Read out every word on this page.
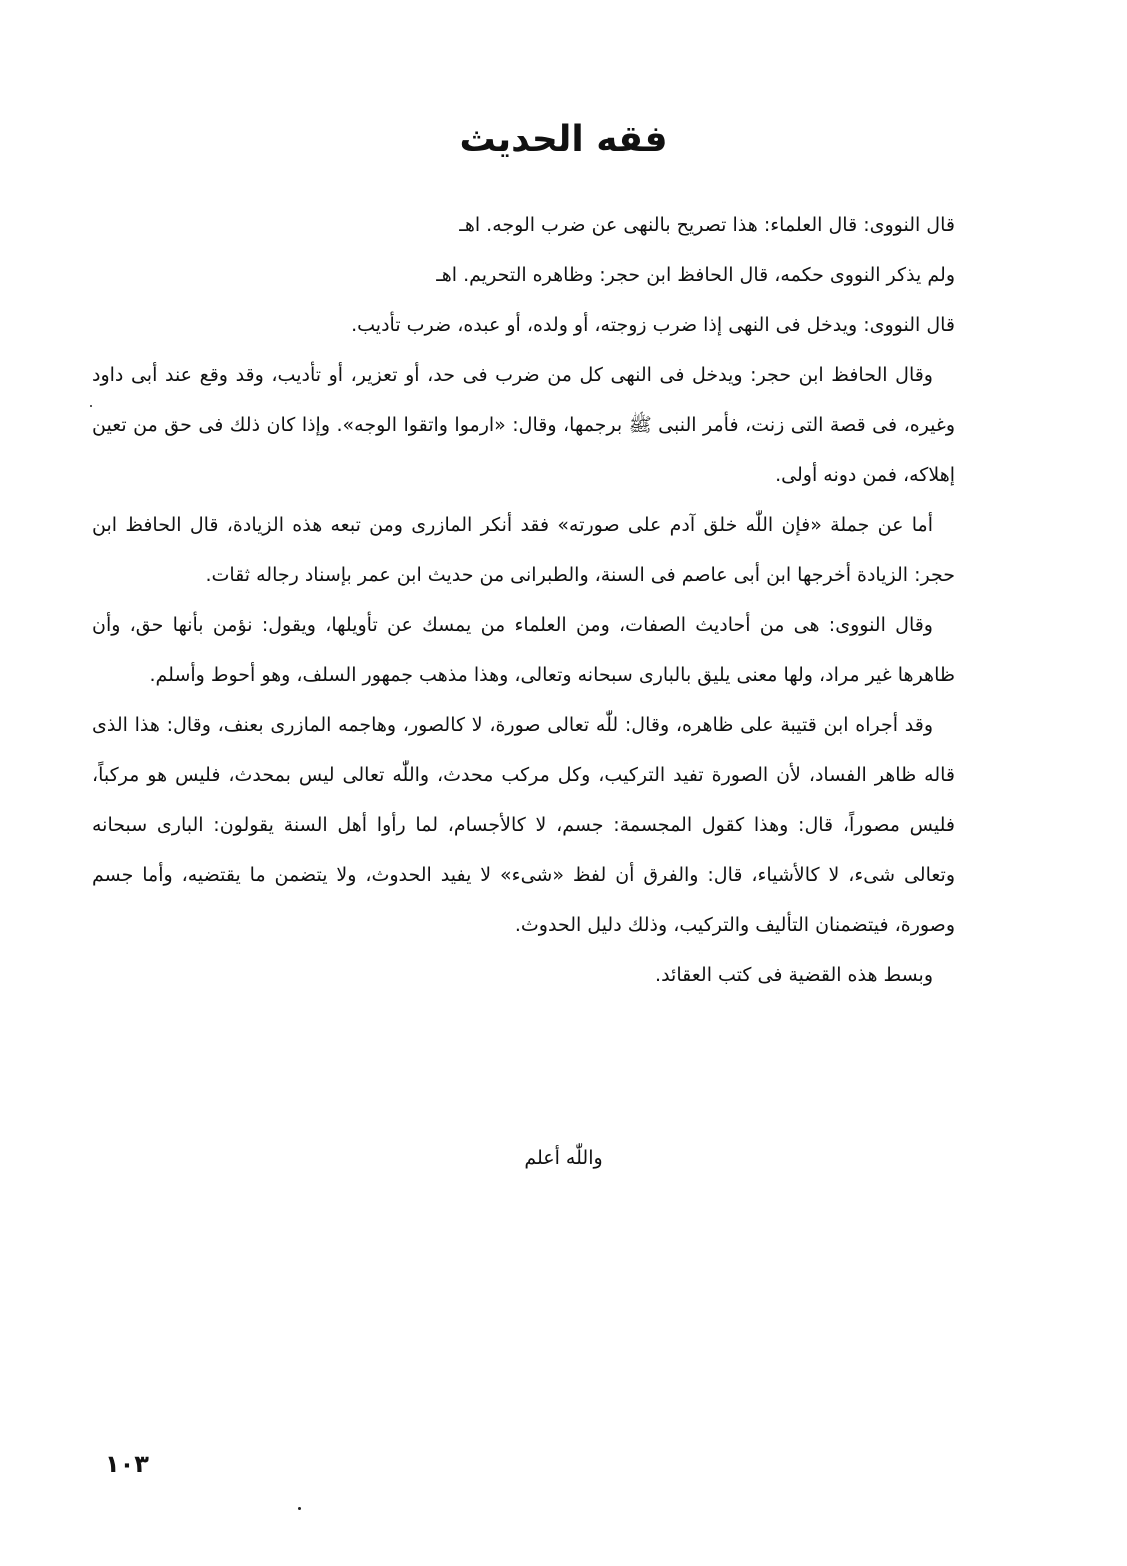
فقه الحديث

قال النووى: قال العلماء: هذا تصريح بالنهى عن ضرب الوجه. اهـ

ولم يذكر النووى حكمه، قال الحافظ ابن حجر: وظاهره التحريم. اهـ

قال النووى: ويدخل فى النهى إذا ضرب زوجته، أو ولده، أو عبده، ضرب تأديب.

وقال الحافظ ابن حجر: ويدخل فى النهى كل من ضرب فى حد، أو تعزير، أو تأديب، وقد وقع عند أبى داود وغيره، فى قصة التى زنت، فأمر النبى ﷺ برجمها، وقال: «ارموا واتقوا الوجه». وإذا كان ذلك فى حق من تعين إهلاكه، فمن دونه أولى.

أما عن جملة «فإن اللّٰه خلق آدم على صورته» فقد أنكر المازرى ومن تبعه هذه الزيادة، قال الحافظ ابن حجر: الزيادة أخرجها ابن أبى عاصم فى السنة، والطبرانى من حديث ابن عمر بإسناد رجاله ثقات.

وقال النووى: هى من أحاديث الصفات، ومن العلماء من يمسك عن تأويلها، ويقول: نؤمن بأنها حق، وأن ظاهرها غير مراد، ولها معنى يليق بالبارى سبحانه وتعالى، وهذا مذهب جمهور السلف، وهو أحوط وأسلم.

وقد أجراه ابن قتيبة على ظاهره، وقال: للّٰه تعالى صورة، لا كالصور، وهاجمه المازرى بعنف، وقال: هذا الذى قاله ظاهر الفساد، لأن الصورة تفيد التركيب، وكل مركب محدث، واللّٰه تعالى ليس بمحدث، فليس هو مركباً، فليس مصوراً، قال: وهذا كقول المجسمة: جسم، لا كالأجسام، لما رأوا أهل السنة يقولون: البارى سبحانه وتعالى شىء، لا كالأشياء، قال: والفرق أن لفظ «شىء» لا يفيد الحدوث، ولا يتضمن ما يقتضيه، وأما جسم وصورة، فيتضمنان التأليف والتركيب، وذلك دليل الحدوث.

وبسط هذه القضية فى كتب العقائد.

واللّٰه أعلم

١٠٣
